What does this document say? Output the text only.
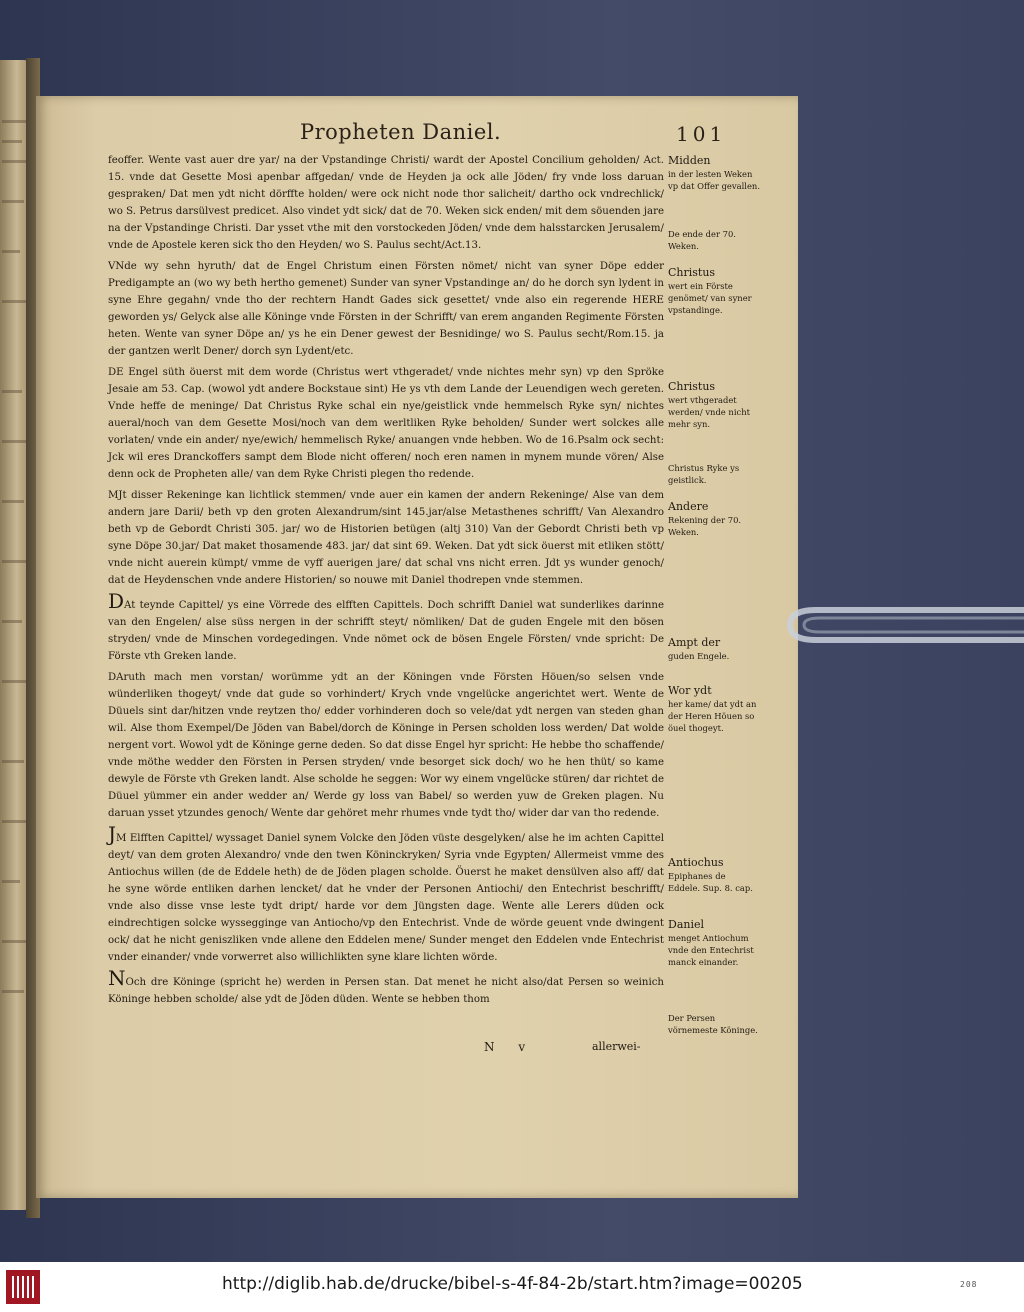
Propheten Daniel.	101

feoffer. Wente vast auer dre yar/ na der Vpstandinge Christi/ wardt der Apostel Concilium geholden/ Act. 15. vnde dat Gesette Mosi apenbar affgedan/ vnde de Heyden ja ock alle Jöden/ fry vnde loss daruan gespraken/ Dat men ydt nicht dörffte holden/ were ock nicht node thor salicheit/ dartho ock vndrechlick/ wo S. Petrus darsülvest predicet. Also vindet ydt sick/ dat de 70. Weken sick enden/ mit dem söuenden jare na der Vpstandinge Christi. Dar ysset vthe mit den vorstockeden Jöden/ vnde dem halsstarcken Jerusalem/ vnde de Apostele keren sick tho den Heyden/ wo S. Paulus secht/Act.13.

VNde wy sehn hyruth/ dat de Engel Christum einen Försten nömet/ nicht van syner Döpe edder Predigampte an (wo wy beth hertho gemenet) Sunder van syner Vpstandinge an/ do he dorch syn lydent in syne Ehre gegahn/ vnde tho der rechtern Handt Gades sick gesettet/ vnde also ein regerende HERE geworden ys/ Gelyck alse alle Köninge vnde Försten in der Schrifft/ van erem anganden Regimente Försten heten. Wente van syner Döpe an/ ys he ein Dener gewest der Besnidinge/ wo S. Paulus secht/Rom.15. ja der gantzen werlt Dener/ dorch syn Lydent/etc.

DE Engel süth öuerst mit dem worde (Christus wert vthgeradet/ vnde nichtes mehr syn) vp den Spröke Jesaie am 53. Cap. (wowol ydt andere Bockstaue sint) He ys vth dem Lande der Leuendigen wech gereten. Vnde heffe de meninge/ Dat Christus Ryke schal ein nye/geistlick vnde hemmelsch Ryke syn/ nichtes aueral/noch van dem Gesette Mosi/noch van dem werltliken Ryke beholden/ Sunder wert solckes alle vorlaten/ vnde ein ander/ nye/ewich/ hemmelisch Ryke/ anuangen vnde hebben. Wo de 16.Psalm ock secht: Jck wil eres Dranckoffers sampt dem Blode nicht offeren/ noch eren namen in mynem munde vören/ Alse denn ock de Propheten alle/ van dem Ryke Christi plegen tho redende.

MJt disser Rekeninge kan lichtlick stemmen/ vnde auer ein kamen der andern Rekeninge/ Alse van dem andern jare Darii/ beth vp den groten Alexandrum/sint 145.jar/alse Metasthenes schrifft/ Van Alexandro beth vp de Gebordt Christi 305. jar/ wo de Historien betügen (altj 310) Van der Gebordt Christi beth vp syne Döpe 30.jar/ Dat maket thosamende 483. jar/ dat sint 69. Weken. Dat ydt sick öuerst mit etliken stött/ vnde nicht auerein kümpt/ vmme de vyff auerigen jare/ dat schal vns nicht erren. Jdt ys wunder genoch/ dat de Heydenschen vnde andere Historien/ so nouwe mit Daniel thodrepen vnde stemmen.

DAt teynde Capittel/ ys eine Vörrede des elfften Capittels. Doch schrifft Daniel wat sunderlikes darinne van den Engelen/ alse süss nergen in der schrifft steyt/ nömliken/ Dat de guden Engele mit den bösen stryden/ vnde de Minschen vordegedingen. Vnde nömet ock de bösen Engele Försten/ vnde spricht: De Förste vth Greken lande.

DAruth mach men vorstan/ worümme ydt an der Köningen vnde Försten Höuen/so selsen vnde wünderliken thogeyt/ vnde dat gude so vorhindert/ Krych vnde vngelücke angerichtet wert. Wente de Düuels sint dar/hitzen vnde reytzen tho/ edder vorhinderen doch so vele/dat ydt nergen van steden ghan wil. Alse thom Exempel/De Jöden van Babel/dorch de Köninge in Persen scholden loss werden/ Dat wolde nergent vort. Wowol ydt de Köninge gerne deden. So dat disse Engel hyr spricht: He hebbe tho schaffende/ vnde möthe wedder den Försten in Persen stryden/ vnde besorget sick doch/ wo he hen thüt/ so kame dewyle de Förste vth Greken landt. Alse scholde he seggen: Wor wy einem vngelücke stüren/ dar richtet de Düuel yümmer ein ander wedder an/ Werde gy loss van Babel/ so werden yuw de Greken plagen. Nu daruan ysset ytzundes genoch/ Wente dar gehöret mehr rhumes vnde tydt tho/ wider dar van tho redende.

JM Elfften Capittel/ wyssaget Daniel synem Volcke den Jöden vüste desgelyken/ alse he im achten Capittel deyt/ van dem groten Alexandro/ vnde den twen Köninckryken/ Syria vnde Egypten/ Allermeist vmme des Antiochus willen (de de Eddele heth) de de Jöden plagen scholde. Öuerst he maket densülven also aff/ dat he syne wörde entliken darhen lencket/ dat he vnder der Personen Antiochi/ den Entechrist beschrifft/ vnde also disse vnse leste tydt dript/ harde vor dem Jüngsten dage. Wente alle Lerers düden ock eindrechtigen solcke wyssegginge van Antiocho/vp den Entechrist. Vnde de wörde geuent vnde dwingent ock/ dat he nicht geniszliken vnde allene den Eddelen mene/ Sunder menget den Eddelen vnde Entechrist vnder einander/ vnde vorwerret also willichlikten syne klare lichten wörde.

NOch dre Köninge (spricht he) werden in Persen stan. Dat menet he nicht also/dat Persen so weinich Köninge hebben scholde/ alse ydt de Jöden düden. Wente se hebben thom

Midden
in der lesten Weken vp dat Offer gevallen.
De ende der 70. Weken.
Christus
wert ein Förste genömet/ van syner vpstandinge.
Christus
wert vthgeradet werden/ vnde nicht mehr syn.
Christus Ryke ys geistlick.
Andere
Rekening der 70. Weken.
Ampt der
guden Engele.
Wor ydt
her kame/ dat ydt an der Heren Höuen so öuel thogeyt.
Antiochus
Epiphanes de Eddele. Sup. 8. cap.
Daniel
menget Antiochum vnde den Entechrist manck einander.
Der Persen vörnemeste Köninge.
N v	allerwei-
http://diglib.hab.de/drucke/bibel-s-4f-84-2b/start.htm?image=00205	208
